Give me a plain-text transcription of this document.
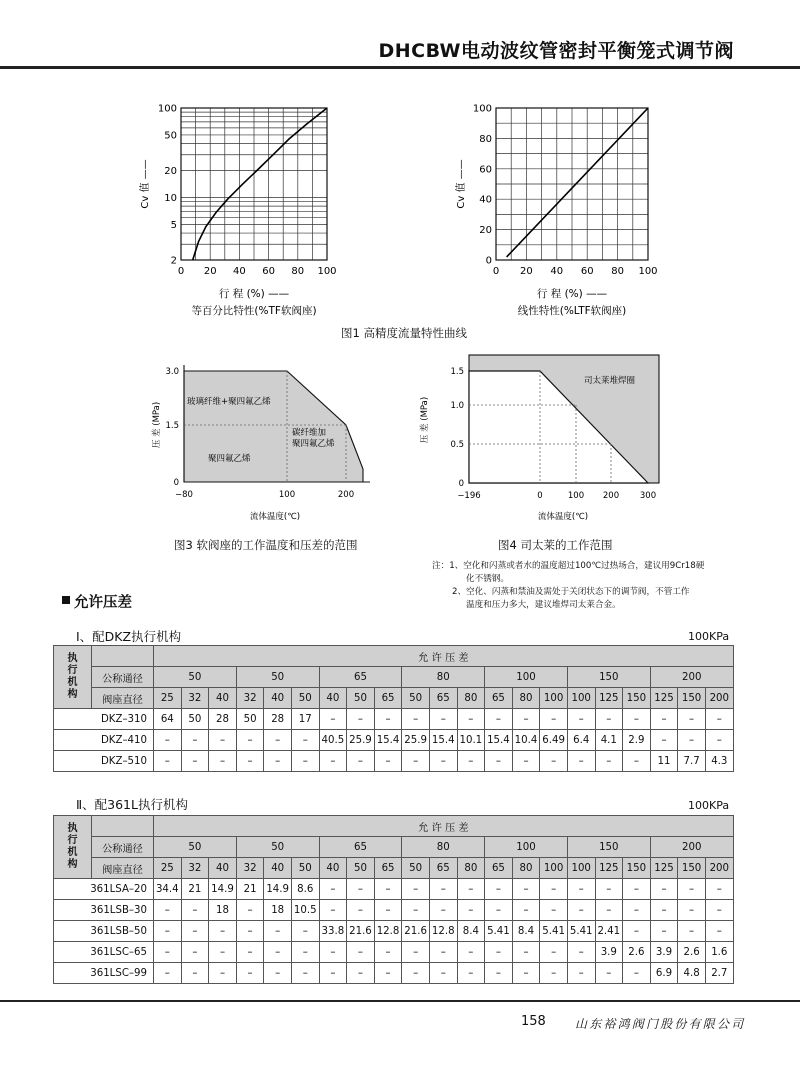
DHCBW电动波纹管密封平衡笼式调节阀
100
50
20
10
5
2
0 20 40 60 80 100
Cv 值 ——
行 程 (%) ——
等百分比特性(%TF软阀座)
100
80
60
40
20
0
0 20 40 60 80 100
Cv 值 ——
行 程 (%) ——
线性特性(%LTF软阀座)
图1 高精度流量特性曲线
3.0
1.5
0
−80	100	200
压 差 (MPa)
流体温度(℃)
玻璃纤维+聚四氟乙烯
聚四氟乙烯
碳纤维加
聚四氟乙烯
1.5
1.0
0.5
0
−196	0	100 200 300
压 差 (MPa)
流体温度(℃)
司太莱堆焊圈
图3 软阀座的工作温度和压差的范围	图4 司太莱的工作范围
注：1、空化和闪蒸或者水的温度超过100℃过热场合，建议用9Cr18硬
化不锈钢。
2、空化、闪蒸和禁油及需处于关闭状态下的调节阀，不管工作
温度和压力多大，建议堆焊司太莱合金。
允许压差
Ⅰ、配DKZ执行机构	100KPa
执
行
机
构		允 许 压 差																				
	公称通径	50			50			65			80			100			150			200		
	阀座直径	25	32	40	32	40	50	40	50	65	50	65	80	65	80	100	100	125	150	125	150	200
DKZ–310		64	50	28	50	28	17	–	–	–	–	–	–	–	–	–	–	–	–	–	–	–
DKZ–410		–	–	–	–	–	–	40.5	25.9	15.4	25.9	15.4	10.1	15.4	10.4	6.49	6.4	4.1	2.9	–	–	–
DKZ–510		–	–	–	–	–	–	–	–	–	–	–	–	–	–	–	–	–	–	11	7.7	4.3
Ⅱ、配361L执行机构	100KPa
执
行
机
构		允 许 压 差																				
	公称通径	50			50			65			80			100			150			200		
	阀座直径	25	32	40	32	40	50	40	50	65	50	65	80	65	80	100	100	125	150	125	150	200
361LSA–20		34.4	21	14.9	21	14.9	8.6	–	–	–	–	–	–	–	–	–	–	–	–	–	–	–
361LSB–30		–	–	18	–	18	10.5	–	–	–	–	–	–	–	–	–	–	–	–	–	–	–
361LSB–50		–	–	–	–	–	–	33.8	21.6	12.8	21.6	12.8	8.4	5.41	8.4	5.41	5.41	2.41	–	–	–	–
361LSC–65		–	–	–	–	–	–	–	–	–	–	–	–	–	–	–	–	3.9	2.6	3.9	2.6	1.6
361LSC–99		–	–	–	–	–	–	–	–	–	–	–	–	–	–	–	–	–	–	6.9	4.8	2.7
158 山东裕鸿阀门股份有限公司
